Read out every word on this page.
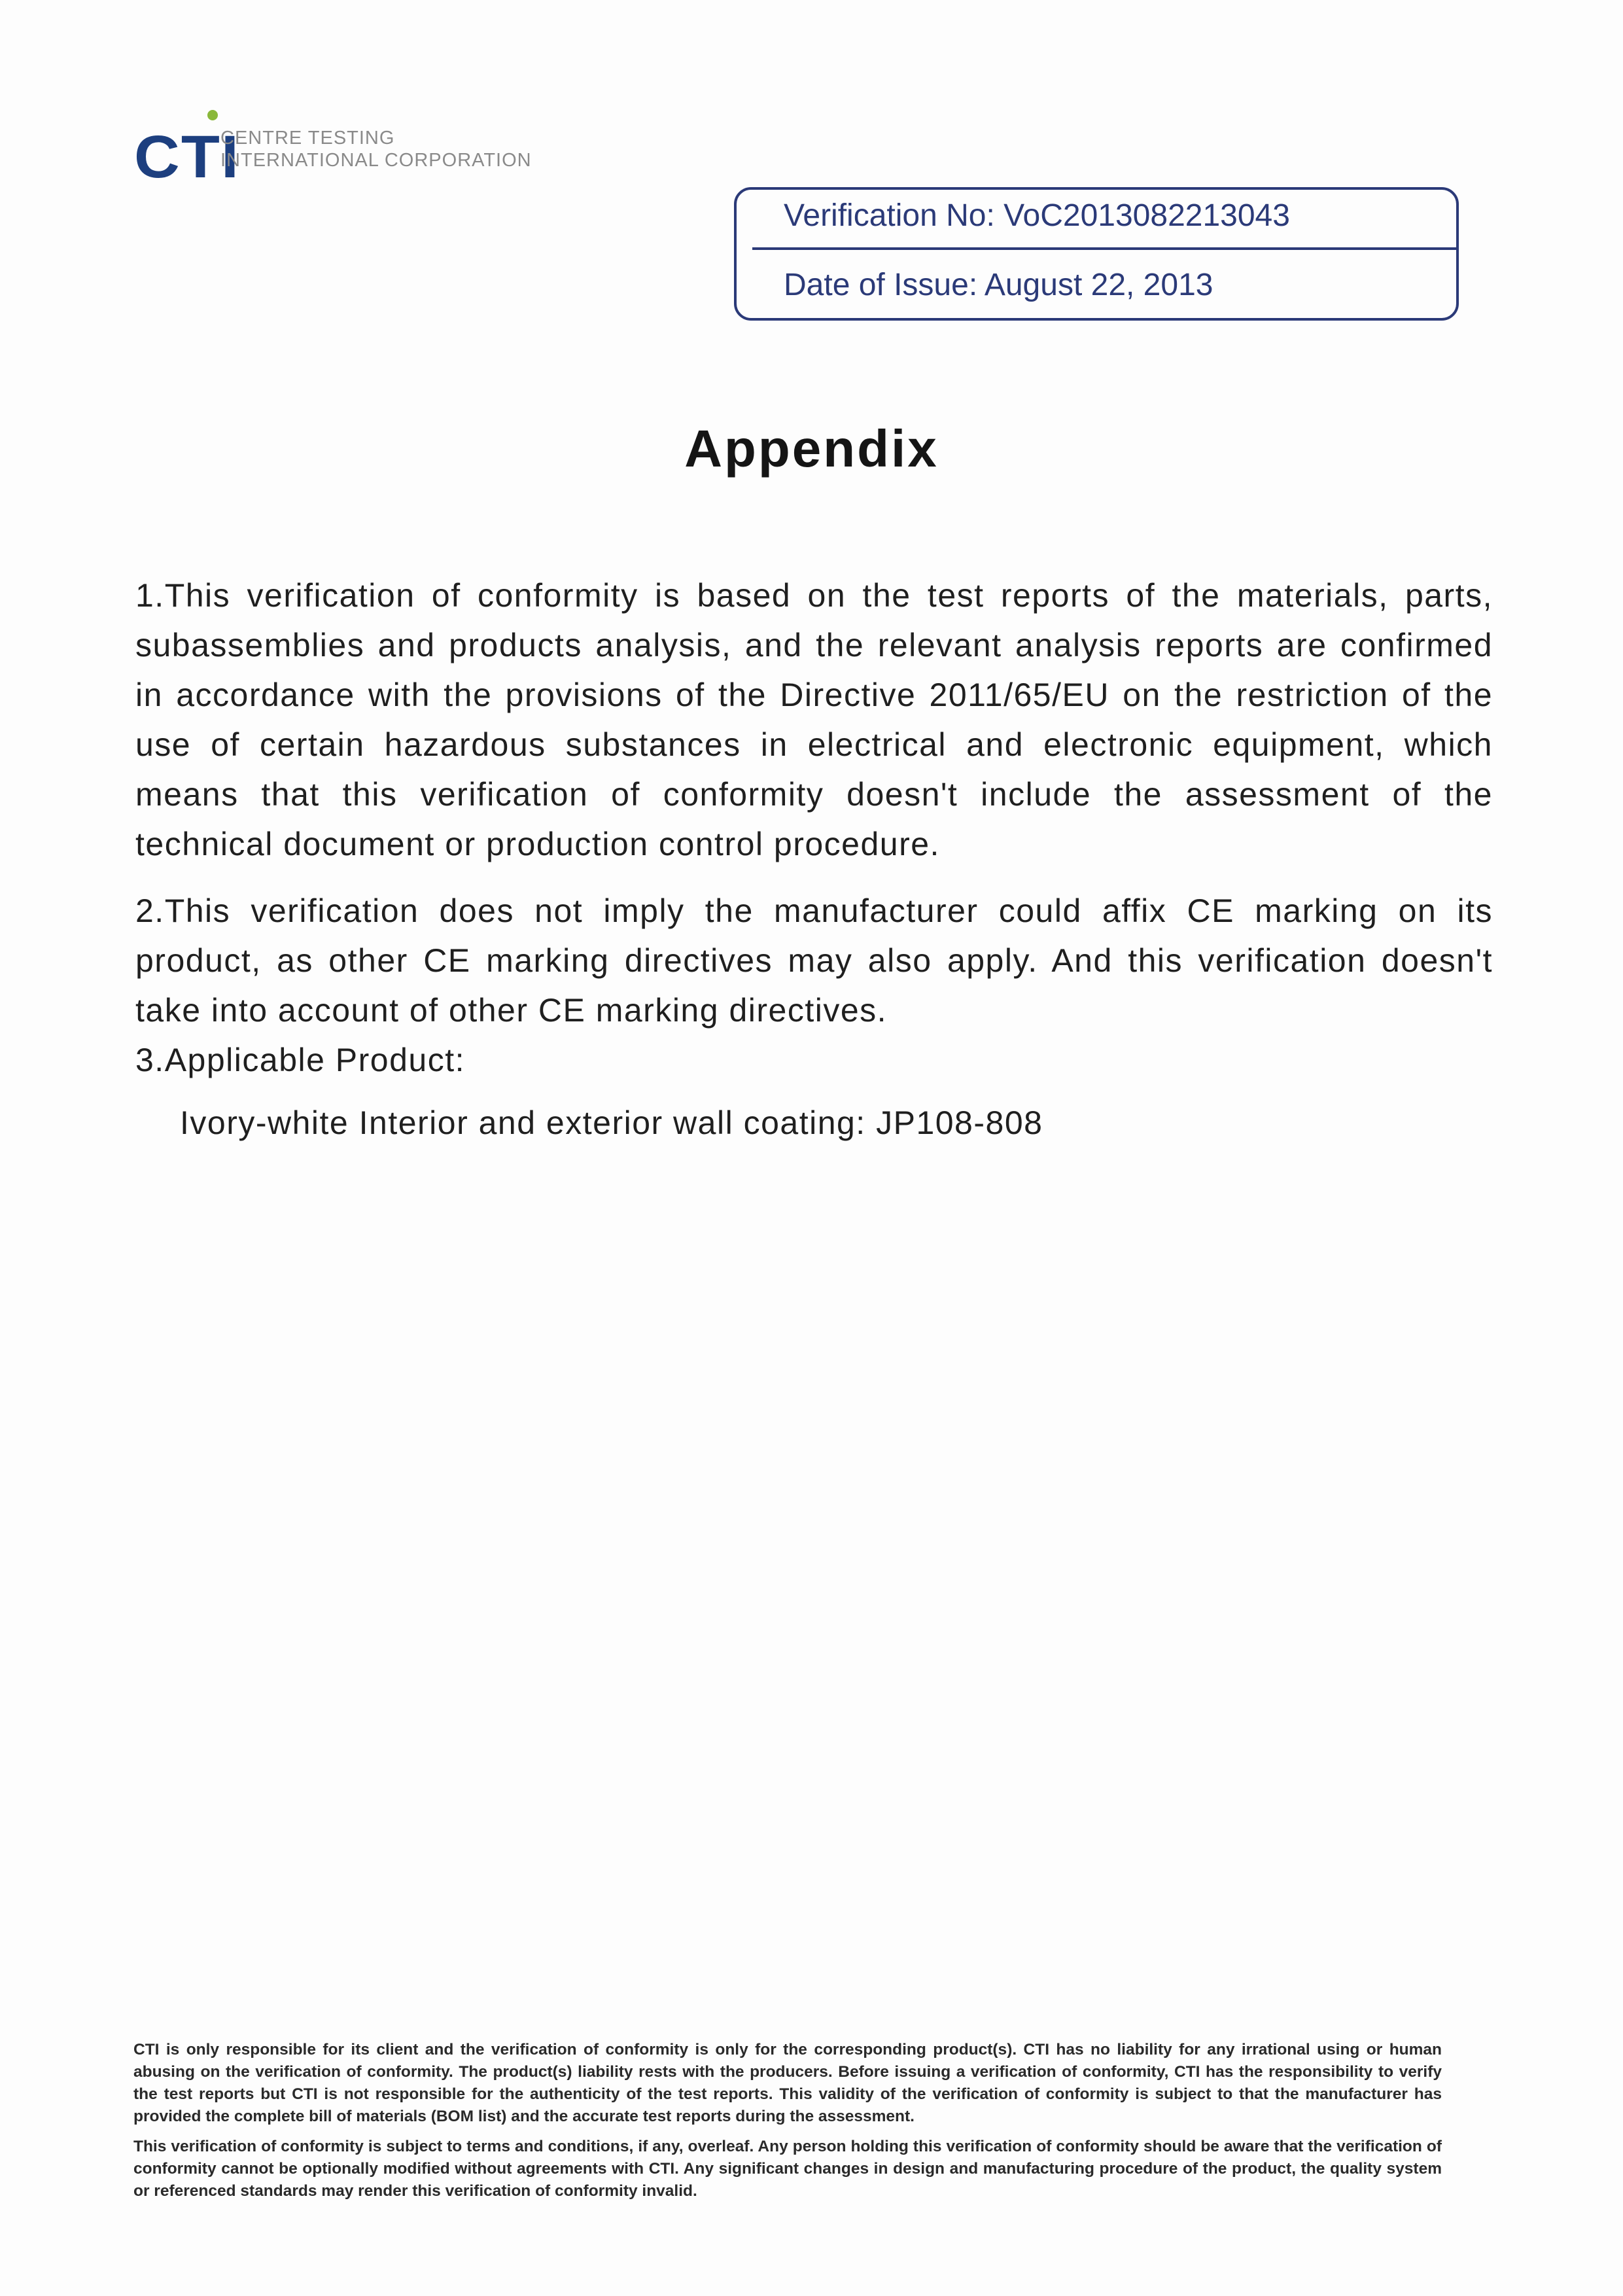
CTI
CENTRE TESTING
INTERNATIONAL CORPORATION
Verification No: VoC2013082213043
Date of Issue: August 22, 2013
Appendix

1.This verification of conformity is based on the test reports of the materials, parts, subassemblies and products analysis, and the relevant analysis reports are confirmed in accordance with the provisions of the Directive 2011/65/EU on the restriction of the use of certain hazardous substances in electrical and electronic equipment, which means that this verification of conformity doesn't include the assessment of the technical document or production control procedure.

2.This verification does not imply the manufacturer could affix CE marking on its product, as other CE marking directives may also apply. And this verification doesn't take into account of other CE marking directives.

3.Applicable Product:

Ivory-white Interior and exterior wall coating: JP108-808

CTI is only responsible for its client and the verification of conformity is only for the corresponding product(s). CTI has no liability for any irrational using or human abusing on the verification of conformity. The product(s) liability rests with the producers. Before issuing a verification of conformity, CTI has the responsibility to verify the test reports but CTI is not responsible for the authenticity of the test reports. This validity of the verification of conformity is subject to that the manufacturer has provided the complete bill of materials (BOM list) and the accurate test reports during the assessment.

This verification of conformity is subject to terms and conditions, if any, overleaf. Any person holding this verification of conformity should be aware that the verification of conformity cannot be optionally modified without agreements with CTI. Any significant changes in design and manufacturing procedure of the product, the quality system or referenced standards may render this verification of conformity invalid.
